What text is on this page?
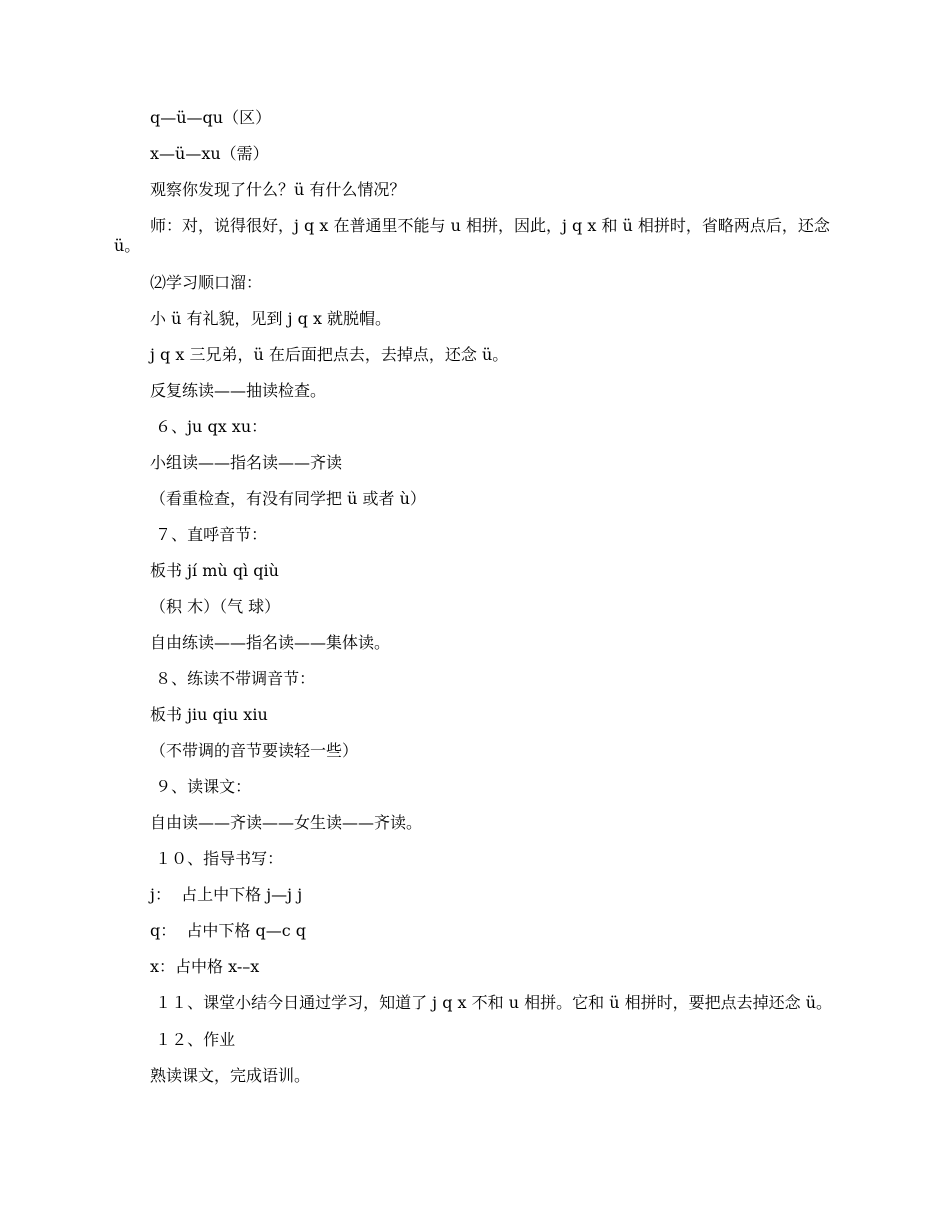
q—ü—qu（区）

x—ü—xu（需）

观察你发现了什么？ü 有什么情况？

师：对，说得很好，j q x 在普通里不能与 u 相拼，因此，j q x 和 ü 相拼时，省略两点后，还念 ü。

⑵学习顺口溜：

小 ü 有礼貌，见到 j q x 就脱帽。

j q x 三兄弟，ü 在后面把点去，去掉点，还念 ü。

反复练读——抽读检查。

６、ju qx xu：

小组读——指名读——齐读

（看重检查，有没有同学把 ü 或者 ù）

７、直呼音节：

板书 jí mù qì qiù

（积 木）（气 球）

自由练读——指名读——集体读。

８、练读不带调音节：

板书 jiu qiu xiu

（不带调的音节要读轻一些）

９、读课文：

自由读——齐读——女生读——齐读。

１０、指导书写：

j：  占上中下格 j—j j

q：  占中下格 q—c q

x：占中格 x-–x

１１、课堂小结今日通过学习，知道了 j q x 不和 u 相拼。它和 ü 相拼时，要把点去掉还念 ü。

１２、作业

熟读课文，完成语训。
